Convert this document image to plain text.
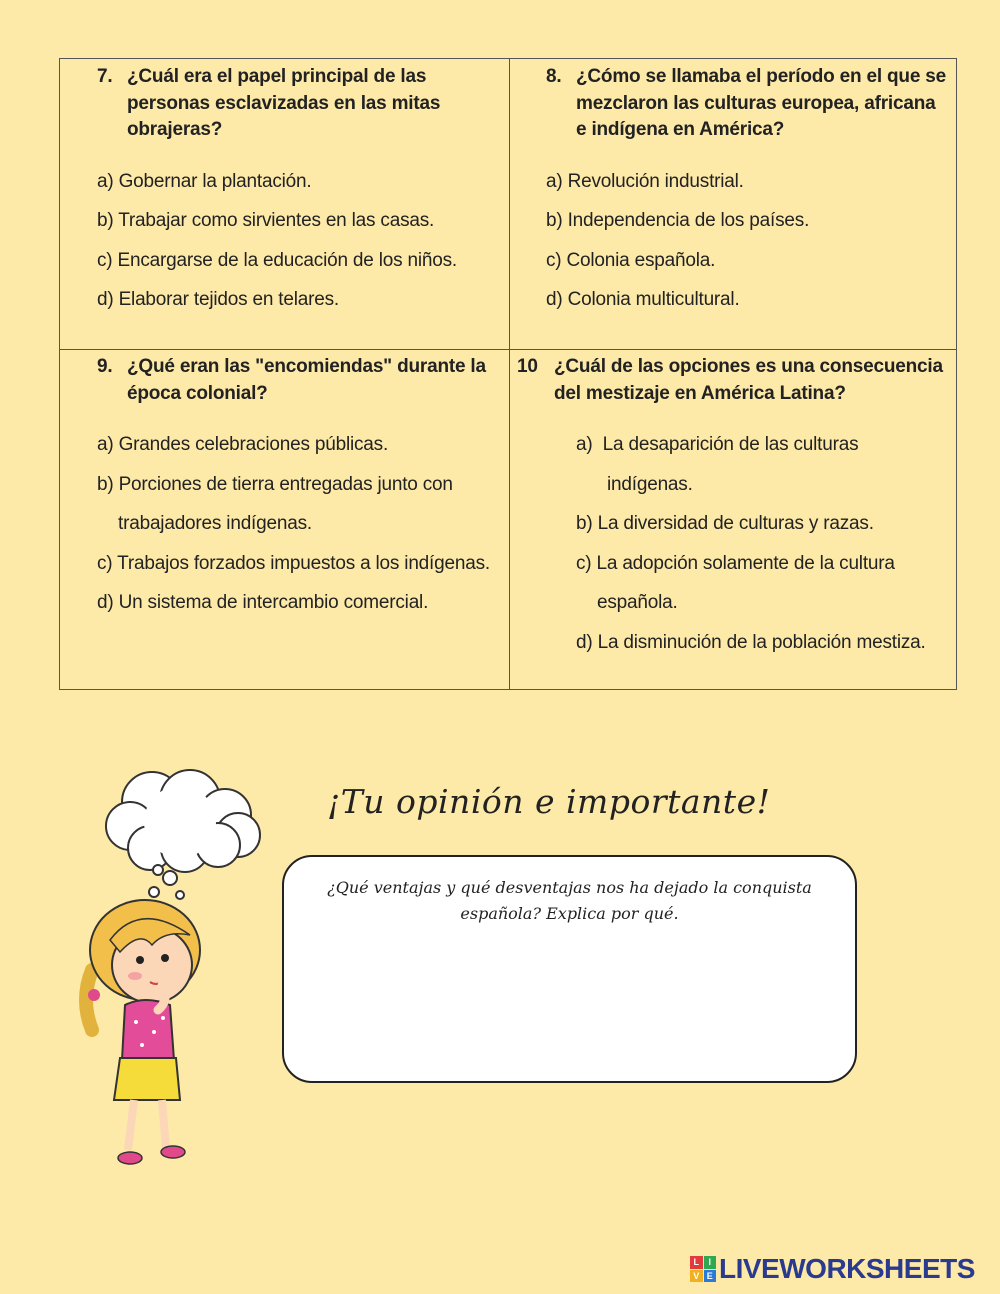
7. ¿Cuál era el papel principal de las personas esclavizadas en las mitas obrajeras?
a) Gobernar la plantación.
b) Trabajar como sirvientes en las casas.
c) Encargarse de la educación de los niños.
d) Elaborar tejidos en telares.
8. ¿Cómo se llamaba el período en el que se mezclaron las culturas europea, africana e indígena en América?
a) Revolución industrial.
b) Independencia de los países.
c) Colonia española.
d) Colonia multicultural.
9. ¿Qué eran las "encomiendas" durante la época colonial?
a) Grandes celebraciones públicas.
b) Porciones de tierra entregadas junto con
trabajadores indígenas.
c) Trabajos forzados impuestos a los indígenas.
d) Un sistema de intercambio comercial.
10 ¿Cuál de las opciones es una consecuencia del mestizaje en América Latina?
a)  La desaparición de las culturas
indígenas.
b) La diversidad de culturas y razas.
c) La adopción solamente de la cultura
española.
d) La disminución de la población mestiza.
¡Tu opinión e importante!
¿Qué ventajas y qué desventajas nos ha dejado la conquista española? Explica por qué.
L	I
V E LIVEWORKSHEETS
